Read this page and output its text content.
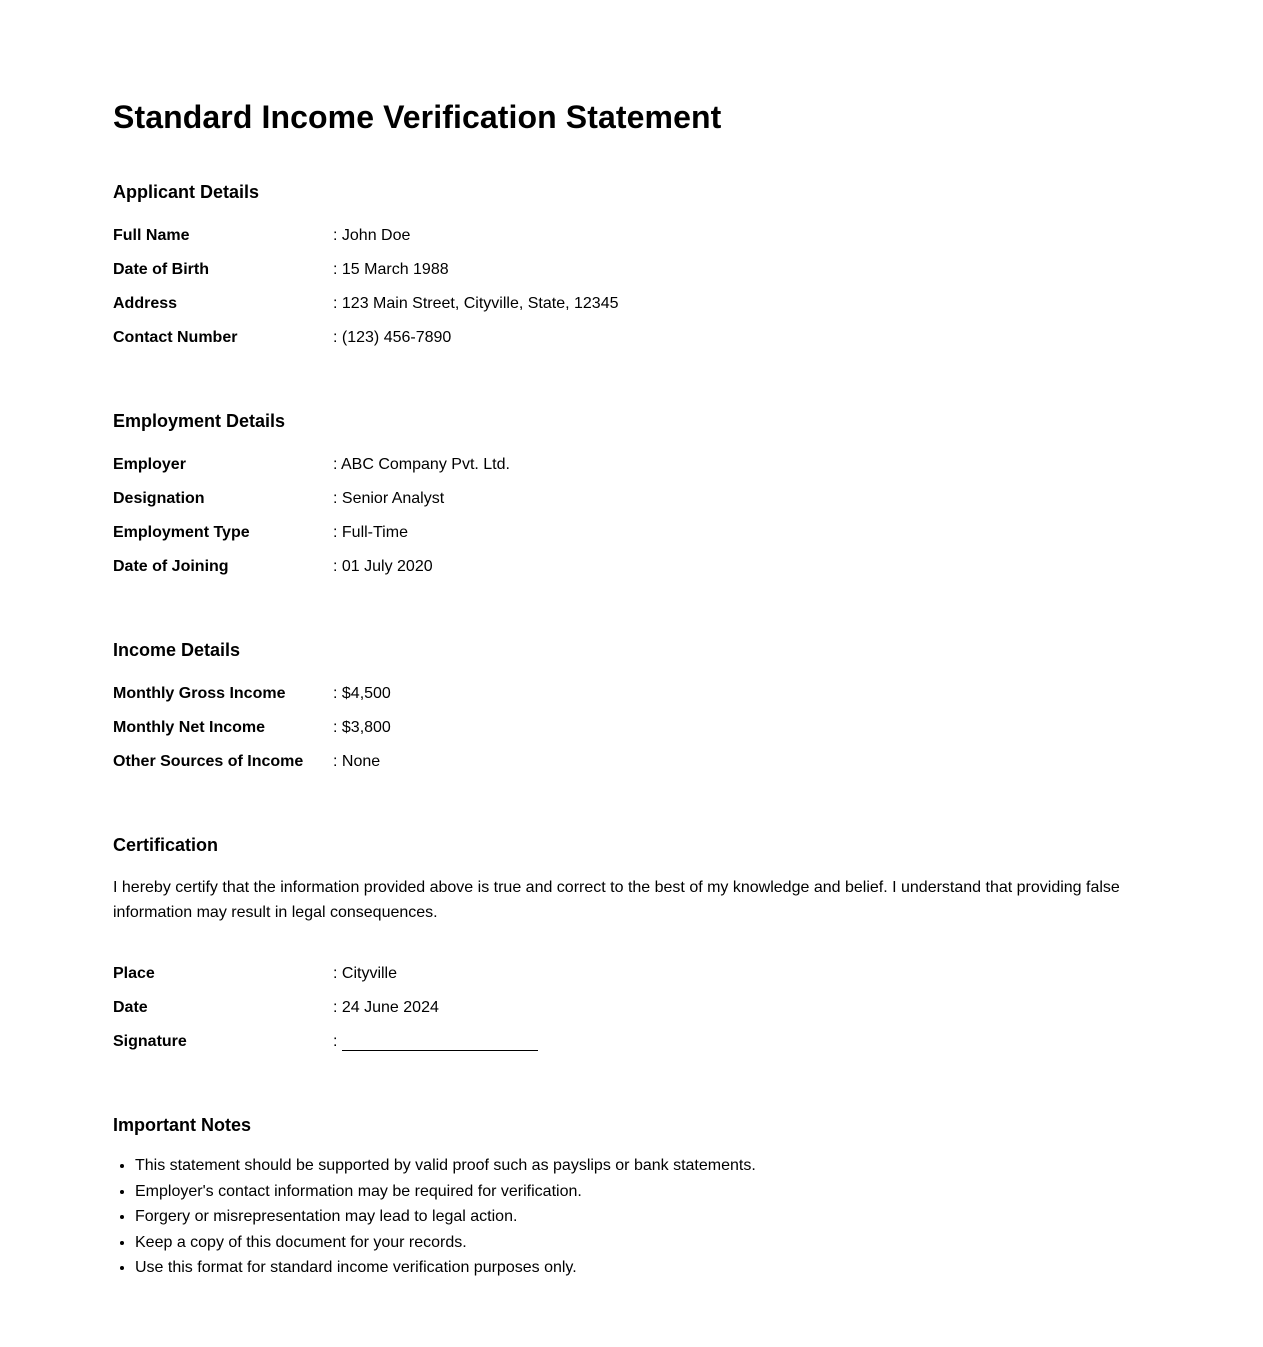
Standard Income Verification Statement
Applicant Details
Full Name	: John Doe
Date of Birth	: 15 March 1988
Address	: 123 Main Street, Cityville, State, 12345
Contact Number	: (123) 456-7890
Employment Details
Employer	: ABC Company Pvt. Ltd.
Designation	: Senior Analyst
Employment Type	: Full-Time
Date of Joining	: 01 July 2020
Income Details
Monthly Gross Income	: $4,500
Monthly Net Income	: $3,800
Other Sources of Income	: None
Certification

I hereby certify that the information provided above is true and correct to the best of my knowledge and belief. I understand that providing false information may result in legal consequences.

Place	: Cityville
Date	: 24 June 2024
Signature	:
Important Notes
• This statement should be supported by valid proof such as payslips or bank statements.
• Employer's contact information may be required for verification.
• Forgery or misrepresentation may lead to legal action.
• Keep a copy of this document for your records.
• Use this format for standard income verification purposes only.
